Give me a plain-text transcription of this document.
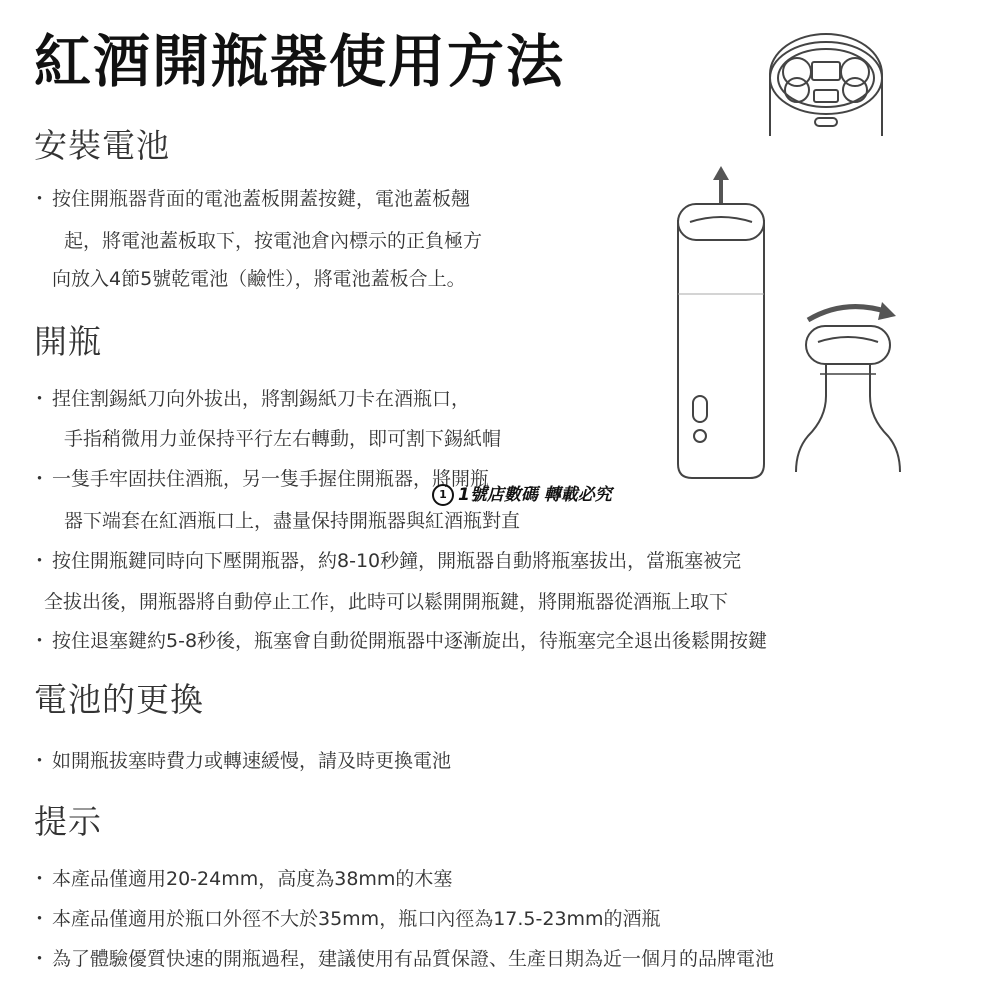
紅酒開瓶器使用方法
安裝電池
・ 按住開瓶器背面的電池蓋板開蓋按鍵，電池蓋板翹

起，將電池蓋板取下，按電池倉內標示的正負極方

向放入4節5號乾電池（鹼性），將電池蓋板合上。

開瓶
・ 捏住割錫紙刀向外拔出，將割錫紙刀卡在酒瓶口，

手指稍微用力並保持平行左右轉動，即可割下錫紙帽

・ 一隻手牢固扶住酒瓶，另一隻手握住開瓶器，將開瓶

器下端套在紅酒瓶口上，盡量保持開瓶器與紅酒瓶對直

・ 按住開瓶鍵同時向下壓開瓶器，約8-10秒鐘，開瓶器自動將瓶塞拔出，當瓶塞被完

全拔出後，開瓶器將自動停止工作，此時可以鬆開開瓶鍵，將開瓶器從酒瓶上取下

・ 按住退塞鍵約5-8秒後，瓶塞會自動從開瓶器中逐漸旋出，待瓶塞完全退出後鬆開按鍵

電池的更換
・ 如開瓶拔塞時費力或轉速緩慢，請及時更換電池

提示
・ 本產品僅適用20-24mm，高度為38mm的木塞

・ 本產品僅適用於瓶口外徑不大於35mm，瓶口內徑為17.5-23mm的酒瓶

・ 為了體驗優質快速的開瓶過程，建議使用有品質保證、生產日期為近一個月的品牌電池

1 1號店數碼 轉載必究
